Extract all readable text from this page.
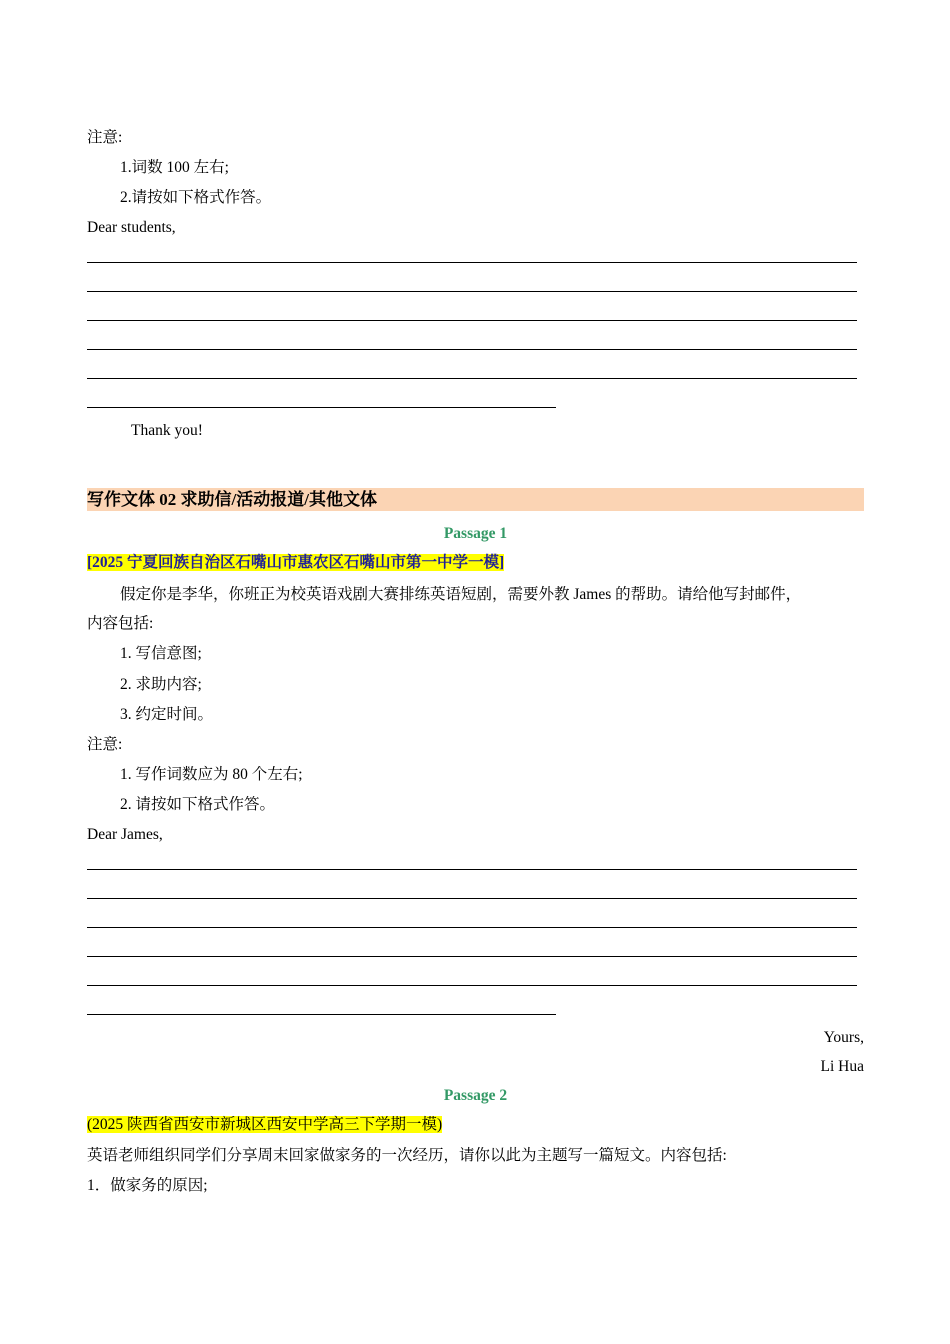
注意:
1.词数 100 左右;
2.请按如下格式作答。
Dear students,
Thank you!
写作文体 02 求助信/活动报道/其他文体
Passage 1
[2025 宁夏回族自治区石嘴山市惠农区石嘴山市第一中学一模]
假定你是李华，你班正为校英语戏剧大赛排练英语短剧，需要外教 James 的帮助。请给他写封邮件，
内容包括:
1. 写信意图;
2. 求助内容;
3. 约定时间。
注意:
1. 写作词数应为 80 个左右;
2. 请按如下格式作答。
Dear James,
Yours,
Li Hua
Passage 2
(2025 陕西省西安市新城区西安中学高三下学期一模)
英语老师组织同学们分享周末回家做家务的一次经历，请你以此为主题写一篇短文。内容包括:
1．做家务的原因;
